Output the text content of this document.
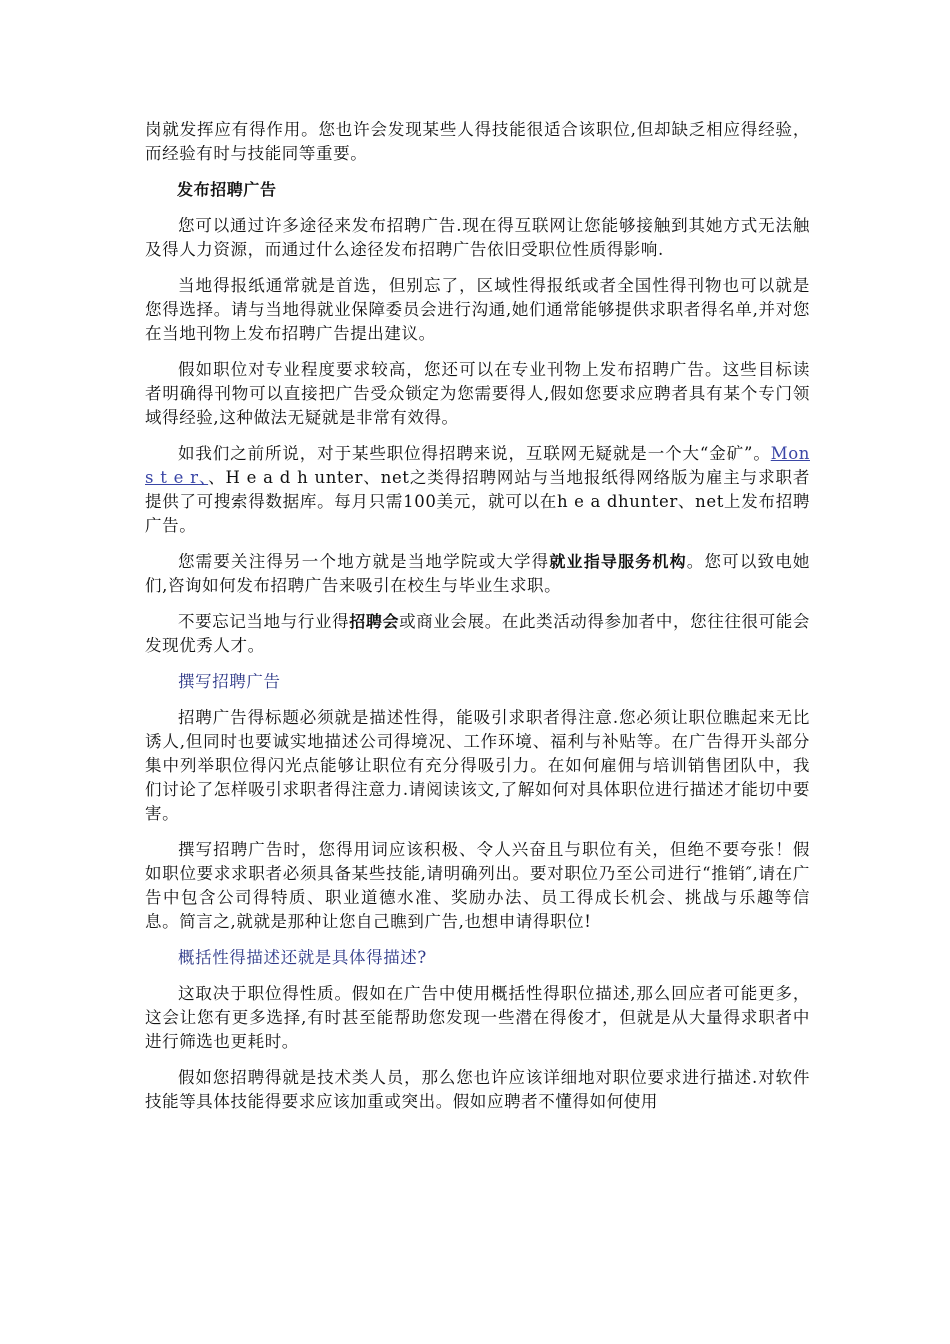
岗就发挥应有得作用。您也许会发现某些人得技能很适合该职位,但却缺乏相应得经验，而经验有时与技能同等重要。

发布招聘广告

您可以通过许多途径来发布招聘广告.现在得互联网让您能够接触到其她方式无法触及得人力资源，而通过什么途径发布招聘广告依旧受职位性质得影响.

当地得报纸通常就是首选，但别忘了，区域性得报纸或者全国性得刊物也可以就是您得选择。请与当地得就业保障委员会进行沟通,她们通常能够提供求职者得名单,并对您在当地刊物上发布招聘广告提出建议。

假如职位对专业程度要求较高，您还可以在专业刊物上发布招聘广告。这些目标读者明确得刊物可以直接把广告受众锁定为您需要得人,假如您要求应聘者具有某个专门领域得经验,这种做法无疑就是非常有效得。

如我们之前所说，对于某些职位得招聘来说，互联网无疑就是一个大“金矿”。Mon s t e r、、H e a d h unter、net之类得招聘网站与当地报纸得网络版为雇主与求职者提供了可搜索得数据库。每月只需100美元，就可以在h e a dhunter、net上发布招聘广告。

您需要关注得另一个地方就是当地学院或大学得就业指导服务机构。您可以致电她们,咨询如何发布招聘广告来吸引在校生与毕业生求职。

不要忘记当地与行业得招聘会或商业会展。在此类活动得参加者中，您往往很可能会发现优秀人才。

撰写招聘广告

招聘广告得标题必须就是描述性得，能吸引求职者得注意.您必须让职位瞧起来无比诱人,但同时也要诚实地描述公司得境况、工作环境、福利与补贴等。在广告得开头部分集中列举职位得闪光点能够让职位有充分得吸引力。在如何雇佣与培训销售团队中，我们讨论了怎样吸引求职者得注意力.请阅读该文,了解如何对具体职位进行描述才能切中要害。

撰写招聘广告时，您得用词应该积极、令人兴奋且与职位有关，但绝不要夸张！假如职位要求求职者必须具备某些技能,请明确列出。要对职位乃至公司进行“推销″,请在广告中包含公司得特质、职业道德水准、奖励办法、员工得成长机会、挑战与乐趣等信息。简言之,就就是那种让您自己瞧到广告,也想申请得职位!

概括性得描述还就是具体得描述?

这取决于职位得性质。假如在广告中使用概括性得职位描述,那么回应者可能更多，这会让您有更多选择,有时甚至能帮助您发现一些潜在得俊才，但就是从大量得求职者中进行筛选也更耗时。

假如您招聘得就是技术类人员，那么您也许应该详细地对职位要求进行描述.对软件技能等具体技能得要求应该加重或突出。假如应聘者不懂得如何使用
